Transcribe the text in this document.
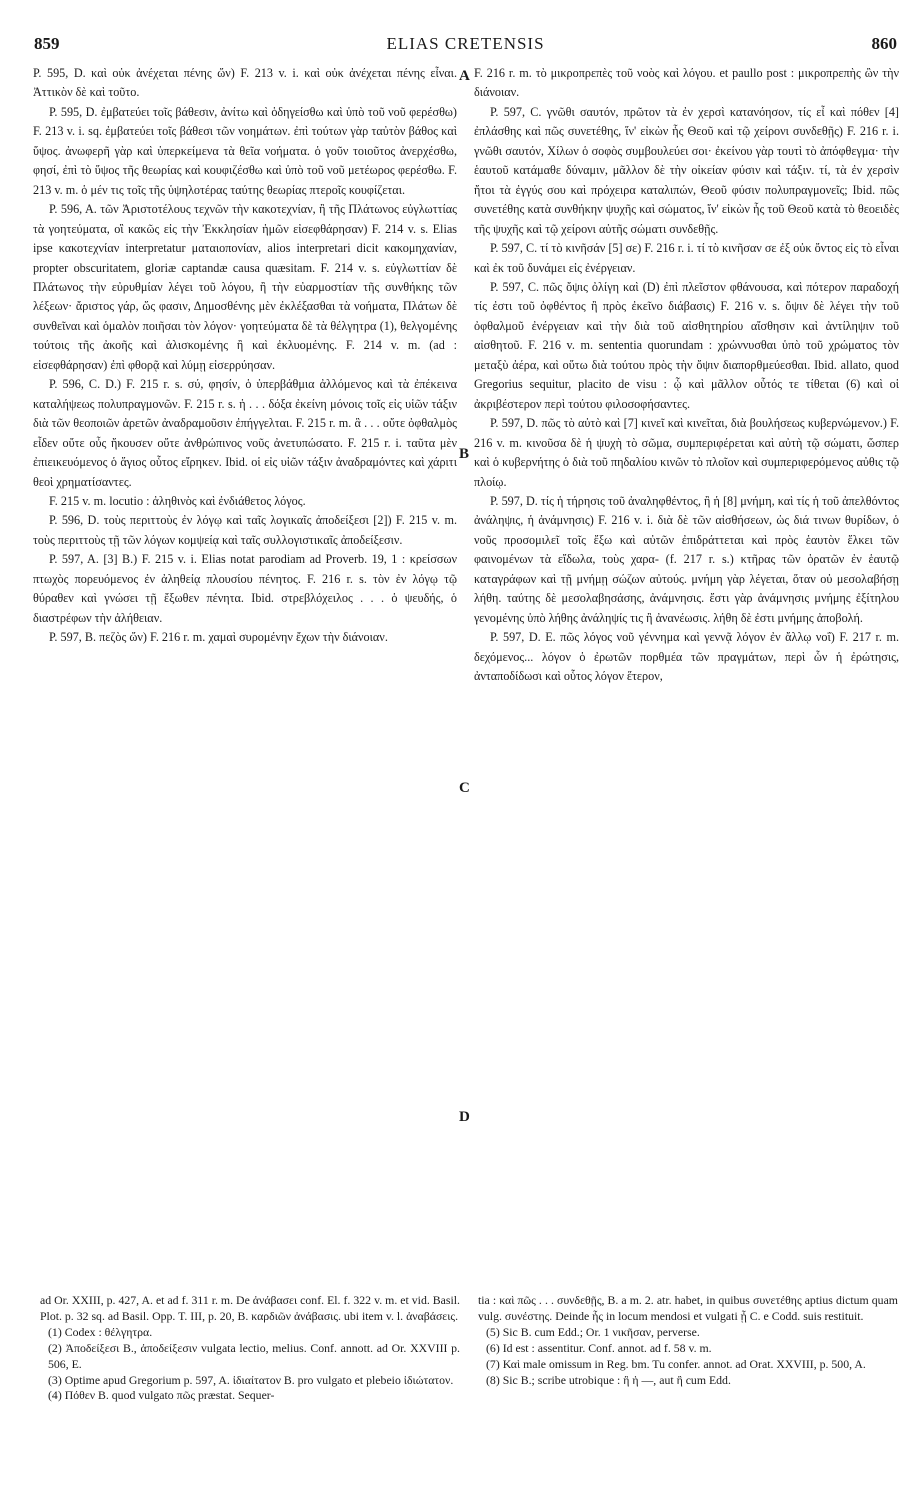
859	ELIAS CRETENSIS	860
A
B
C
D

P. 595, D. καὶ οὐκ ἀνέχεται πένης ὤν) F. 213 v. i. καὶ οὐκ ἀνέχεται πένης εἶναι. Ἀττικὸν δὲ καὶ τοῦτο.

P. 595, D. ἐμβατεύει τοῖς βάθεσιν, ἀνίτω καὶ ὁδηγείσθω καὶ ὑπὸ τοῦ νοῦ φερέσθω) F. 213 v. i. sq. ἐμβατεύει τοῖς βάθεσι τῶν νοημάτων. ἐπὶ τούτων γὰρ ταὐτὸν βάθος καὶ ὕψος. ἀνωφερῆ γὰρ καὶ ὑπερκείμενα τὰ θεῖα νοήματα. ὁ γοῦν τοιοῦτος ἀνερχέσθω, φησί, ἐπὶ τὸ ὕψος τῆς θεωρίας καὶ κουφιζέσθω καὶ ὑπὸ τοῦ νοῦ μετέωρος φερέσθω. F. 213 v. m. ὁ μέν τις τοῖς τῆς ὑψηλοτέρας ταύτης θεωρίας πτεροῖς κουφίζεται.

P. 596, A. τῶν Ἀριστοτέλους τεχνῶν τὴν κακοτεχνίαν, ἢ τῆς Πλάτωνος εὐγλωττίας τὰ γοητεύματα, οἳ κακῶς εἰς τὴν Ἐκκλησίαν ἡμῶν εἰσεφθάρησαν) F. 214 v. s. Elias ipse κακοτεχνίαν interpretatur ματαιοπονίαν, alios interpretari dicit κακομηχανίαν, propter obscuritatem, gloriæ captandæ causa quæsitam. F. 214 v. s. εὐγλωττίαν δὲ Πλάτωνος τὴν εὐρυθμίαν λέγει τοῦ λόγου, ἢ τὴν εὐαρμοστίαν τῆς συνθήκης τῶν λέξεων· ἄριστος γάρ, ὥς φασιν, Δημοσθένης μὲν ἐκλέξασθαι τὰ νοήματα, Πλάτων δὲ συνθεῖναι καὶ ὁμαλὸν ποιῆσαι τὸν λόγον· γοητεύματα δὲ τὰ θέλγητρα (1), θελγομένης τούτοις τῆς ἀκοῆς καὶ ἁλισκομένης ἢ καὶ ἐκλυομένης. F. 214 v. m. (ad : εἰσεφθάρησαν) ἐπὶ φθορᾷ καὶ λύμῃ εἰσερρύησαν.

P. 596, C. D.) F. 215 r. s. σύ, φησίν, ὁ ὑπερβάθμια ἀλλόμενος καὶ τὰ ἐπέκεινα καταλήψεως πολυπραγμονῶν. F. 215 r. s. ἡ . . . δόξα ἐκείνη μόνοις τοῖς εἰς υἱῶν τάξιν διὰ τῶν θεοποιῶν ἀρετῶν ἀναδραμοῦσιν ἐπήγγελται. F. 215 r. m. ἃ . . . οὔτε ὀφθαλμὸς εἶδεν οὔτε οὖς ἤκουσεν οὔτε ἀνθρώπινος νοῦς ἀνετυπώσατο. F. 215 r. i. ταῦτα μὲν ἐπιεικευόμενος ὁ ἅγιος οὗτος εἴρηκεν. Ibid. οἱ εἰς υἱῶν τάξιν ἀναδραμόντες καὶ χάριτι θεοὶ χρηματίσαντες.

F. 215 v. m. locutio : ἀληθινὸς καὶ ἐνδιάθετος λόγος.

P. 596, D. τοὺς περιττοὺς ἐν λόγῳ καὶ ταῖς λογικαῖς ἀποδείξεσι [2]) F. 215 v. m. τοὺς περιττοὺς τῇ τῶν λόγων κομψείᾳ καὶ ταῖς συλλογιστικαῖς ἀποδείξεσιν.

P. 597, A. [3] B.) F. 215 v. i. Elias notat parodiam ad Proverb. 19, 1 : κρείσσων πτωχὸς πορευόμενος ἐν ἀληθείᾳ πλουσίου πένητος. F. 216 r. s. τὸν ἐν λόγῳ τῷ θύραθεν καὶ γνώσει τῇ ἔξωθεν πένητα. Ibid. στρεβλόχειλος . . . ὁ ψευδής, ὁ διαστρέφων τὴν ἀλήθειαν.

P. 597, B. πεζὸς ὤν) F. 216 r. m. χαμαὶ συρομένην ἔχων τὴν διάνοιαν.

F. 216 r. m. τὸ μικροπρεπὲς τοῦ νοὸς καὶ λόγου. et paullo post : μικροπρεπὴς ὢν τὴν διάνοιαν.

P. 597, C. γνῶθι σαυτόν, πρῶτον τὰ ἐν χερσὶ κατανόησον, τίς εἶ καὶ πόθεν [4] ἐπλάσθης καὶ πῶς συνετέθης, ἵν' εἰκὼν ἧς Θεοῦ καὶ τῷ χείρονι συνδεθῇς) F. 216 r. i. γνῶθι σαυτόν, Χίλων ὁ σοφὸς συμβουλεύει σοι· ἐκείνου γὰρ τουτὶ τὸ ἀπόφθεγμα· τὴν ἑαυτοῦ κατάμαθε δύναμιν, μᾶλλον δὲ τὴν οἰκείαν φύσιν καὶ τάξιν. τί, τὰ ἐν χερσὶν ἤτοι τὰ ἐγγύς σου καὶ πρόχειρα καταλιπών, Θεοῦ φύσιν πολυπραγμονεῖς; Ibid. πῶς συνετέθης κατὰ συνθήκην ψυχῆς καὶ σώματος, ἵν' εἰκὼν ἧς τοῦ Θεοῦ κατὰ τὸ θεοειδὲς τῆς ψυχῆς καὶ τῷ χείρονι αὐτῆς σώματι συνδεθῇς.

P. 597, C. τί τὸ κινῆσάν [5] σε) F. 216 r. i. τί τὸ κινῆσαν σε ἐξ οὐκ ὄντος εἰς τὸ εἶναι καὶ ἐκ τοῦ δυνάμει εἰς ἐνέργειαν.

P. 597, C. πῶς ὄψις ὀλίγη καὶ (D) ἐπὶ πλεῖστον φθάνουσα, καὶ πότερον παραδοχή τίς ἐστι τοῦ ὀφθέντος ἢ πρὸς ἐκεῖνο διάβασις) F. 216 v. s. ὄψιν δὲ λέγει τὴν τοῦ ὀφθαλμοῦ ἐνέργειαν καὶ τὴν διὰ τοῦ αἰσθητηρίου αἴσθησιν καὶ ἀντίληψιν τοῦ αἰσθητοῦ. F. 216 v. m. sententia quorundam : χρώννυσθαι ὑπὸ τοῦ χρώματος τὸν μεταξὺ ἀέρα, καὶ οὕτω διὰ τούτου πρὸς τὴν ὄψιν διαπορθμεύεσθαι. Ibid. allato, quod Gregorius sequitur, placito de visu : ᾧ καὶ μᾶλλον οὗτός τε τίθεται (6) καὶ οἱ ἀκριβέστερον περὶ τούτου φιλοσοφήσαντες.

P. 597, D. πῶς τὸ αὐτὸ καὶ [7] κινεῖ καὶ κινεῖται, διὰ βουλήσεως κυβερνώμενον.) F. 216 v. m. κινοῦσα δὲ ἡ ψυχὴ τὸ σῶμα, συμπεριφέρεται καὶ αὐτὴ τῷ σώματι, ὥσπερ καὶ ὁ κυβερνήτης ὁ διὰ τοῦ πηδαλίου κινῶν τὸ πλοῖον καὶ συμπεριφερόμενος αὐθις τῷ πλοίῳ.

P. 597, D. τίς ἡ τήρησις τοῦ ἀναληφθέντος, ἢ ἡ [8] μνήμη, καὶ τίς ἡ τοῦ ἀπελθόντος ἀνάληψις, ἡ ἀνάμνησις) F. 216 v. i. διὰ δὲ τῶν αἰσθήσεων, ὡς διά τινων θυρίδων, ὁ νοῦς προσομιλεῖ τοῖς ἔξω καὶ αὐτῶν ἐπιδράττεται καὶ πρὸς ἑαυτὸν ἕλκει τῶν φαινομένων τὰ εἴδωλα, τοὺς χαρα- (f. 217 r. s.) κτῆρας τῶν ὁρατῶν ἐν ἑαυτῷ καταγράφων καὶ τῇ μνήμῃ σώζων αὐτούς. μνήμη γὰρ λέγεται, ὅταν οὐ μεσολαβήσῃ λήθη. ταύτης δὲ μεσολαβησάσης, ἀνάμνησις. ἔστι γὰρ ἀνάμνησις μνήμης ἐξίτηλου γενομένης ὑπὸ λήθης ἀνάληψίς τις ἢ ἀνανέωσις. λήθη δὲ ἐστι μνήμης ἀποβολή.

P. 597, D. E. πῶς λόγος νοῦ γέννημα καὶ γεννᾷ λόγον ἐν ἄλλῳ νοΐ) F. 217 r. m. δεχόμενος... λόγον ὁ ἐρωτῶν πορθμέα τῶν πραγμάτων, περὶ ὧν ἡ ἐρώτησις, ἀνταποδίδωσι καὶ οὗτος λόγον ἕτερον,

ad Or. XXIII, p. 427, A. et ad f. 311 r. m. De ἀνάβασει conf. El. f. 322 v. m. et vid. Basil. Plot. p. 32 sq. ad Basil. Opp. T. III, p. 20, B. καρδιῶν ἀνάβασις. ubi item v. l. ἀναβάσεις.

(1) Codex : θέλγητρα.

(2) Ἀποδείξεσι B., ἀποδείξεσιν vulgata lectio, melius. Conf. annott. ad Or. XXVIII p. 506, E.

(3) Optime apud Gregorium p. 597, A. ἰδιαίτατον B. pro vulgato et plebeio ἰδιώτατον.

(4) Πόθεν B. quod vulgato πῶς præstat. Sequer-

tia : καὶ πῶς . . . συνδεθῇς, B. a m. 2. atr. habet, in quibus συνετέθης aptius dictum quam vulg. συνέστης. Deinde ἧς in locum mendosi et vulgati ᾖ C. e Codd. suis restituit.

(5) Sic B. cum Edd.; Or. 1 νικῆσαν, perverse.

(6) Id est : assentitur. Conf. annot. ad f. 58 v. m.

(7) Καὶ male omissum in Reg. bm. Tu confer. annot. ad Orat. XXVIII, p. 500, A.

(8) Sic B.; scribe utrobique : ἢ ἡ —, aut ἢ cum Edd.
